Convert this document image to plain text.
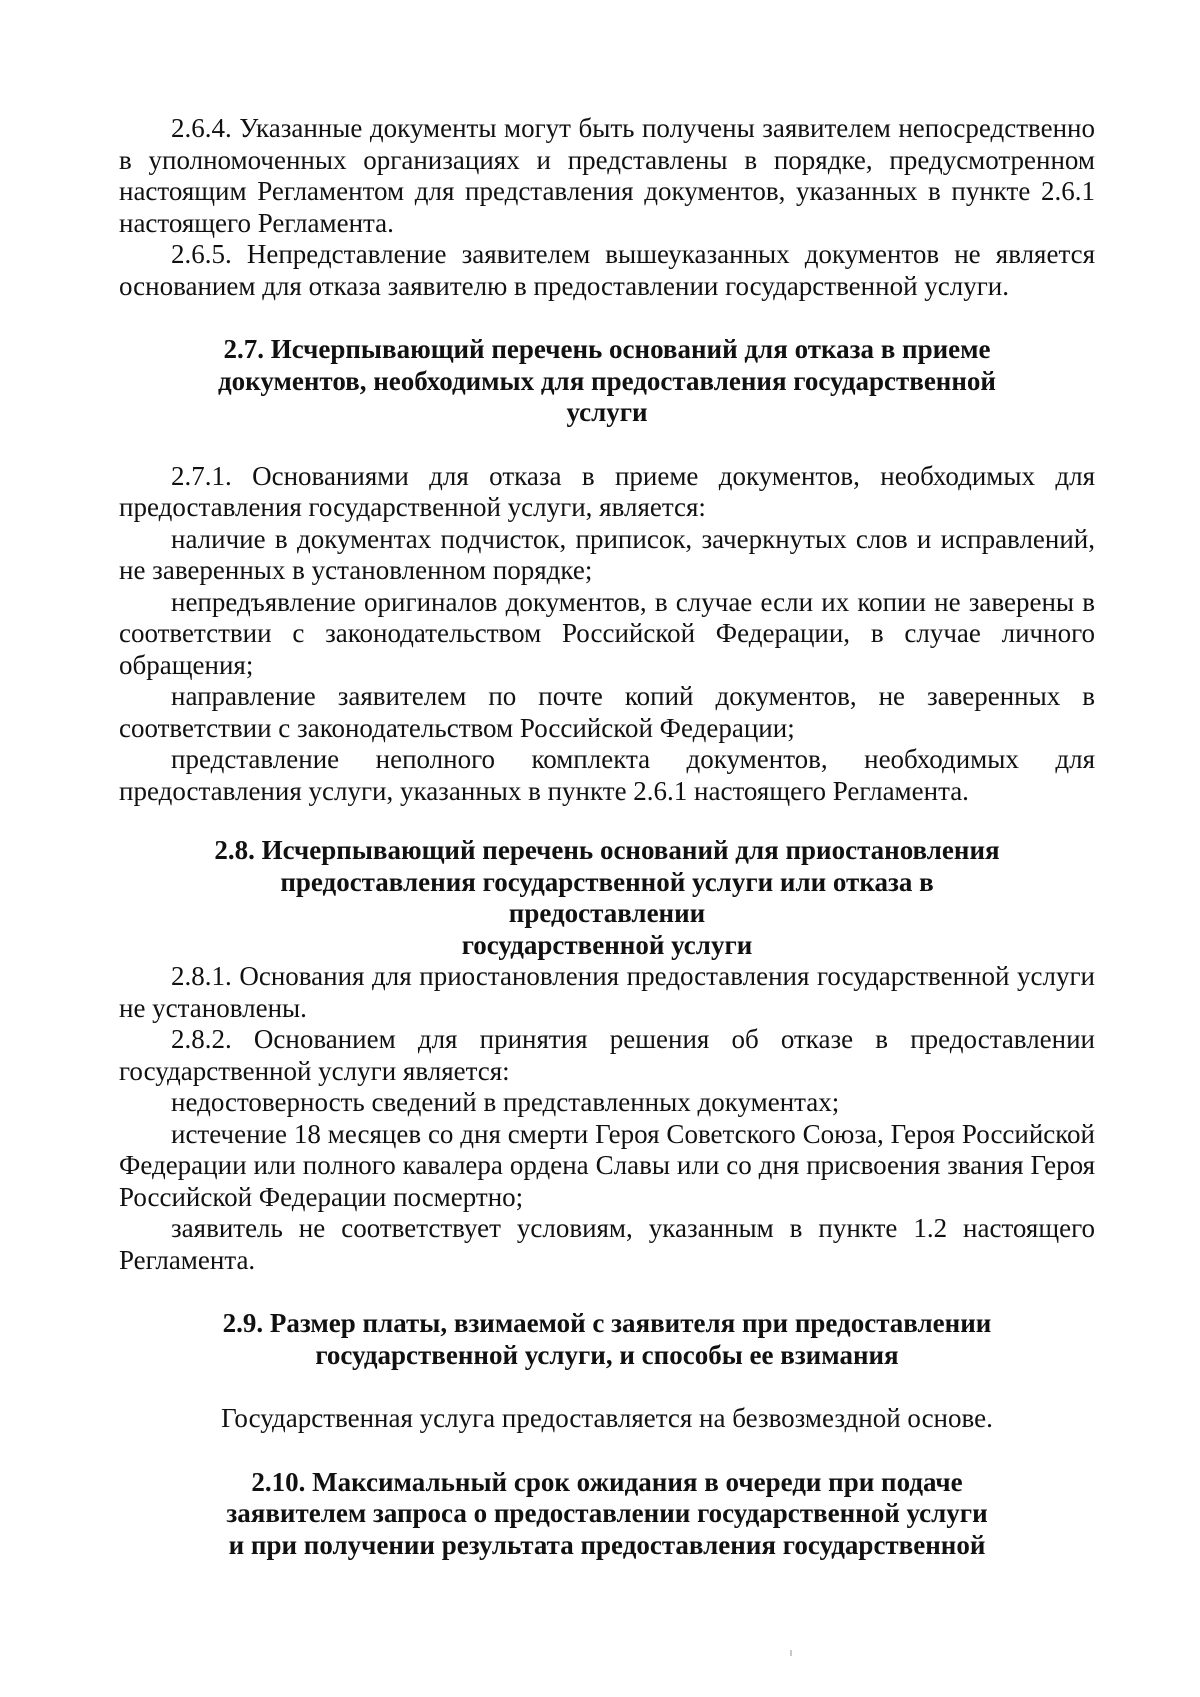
2.6.4. Указанные документы могут быть получены заявителем непосредственно в уполномоченных организациях и представлены в порядке, предусмотренном настоящим Регламентом для представления документов, указанных в пункте 2.6.1 настоящего Регламента.

2.6.5. Непредставление заявителем вышеуказанных документов не является основанием для отказа заявителю в предоставлении государственной услуги.

2.7. Исчерпывающий перечень оснований для отказа в приеме
документов, необходимых для предоставления государственной
услуги

2.7.1. Основаниями для отказа в приеме документов, необходимых для предоставления государственной услуги, является:

наличие в документах подчисток, приписок, зачеркнутых слов и исправлений, не заверенных в установленном порядке;

непредъявление оригиналов документов, в случае если их копии не заверены в соответствии с законодательством Российской Федерации, в случае личного обращения;

направление заявителем по почте копий документов, не заверенных в соответствии с законодательством Российской Федерации;

представление неполного комплекта документов, необходимых для предоставления услуги, указанных в пункте 2.6.1 настоящего Регламента.

2.8. Исчерпывающий перечень оснований для приостановления
предоставления государственной услуги или отказа в предоставлении
государственной услуги

2.8.1. Основания для приостановления предоставления государственной услуги не установлены.

2.8.2. Основанием для принятия решения об отказе в предоставлении государственной услуги является:

недостоверность сведений в представленных документах;

истечение 18 месяцев со дня смерти Героя Советского Союза, Героя Российской Федерации или полного кавалера ордена Славы или со дня присвоения звания Героя Российской Федерации посмертно;

заявитель не соответствует условиям, указанным в пункте 1.2 настоящего Регламента.

2.9. Размер платы, взимаемой с заявителя при предоставлении
государственной услуги, и способы ее взимания

Государственная услуга предоставляется на безвозмездной основе.

2.10. Максимальный срок ожидания в очереди при подаче
заявителем запроса о предоставлении государственной услуги
и при получении результата предоставления государственной
